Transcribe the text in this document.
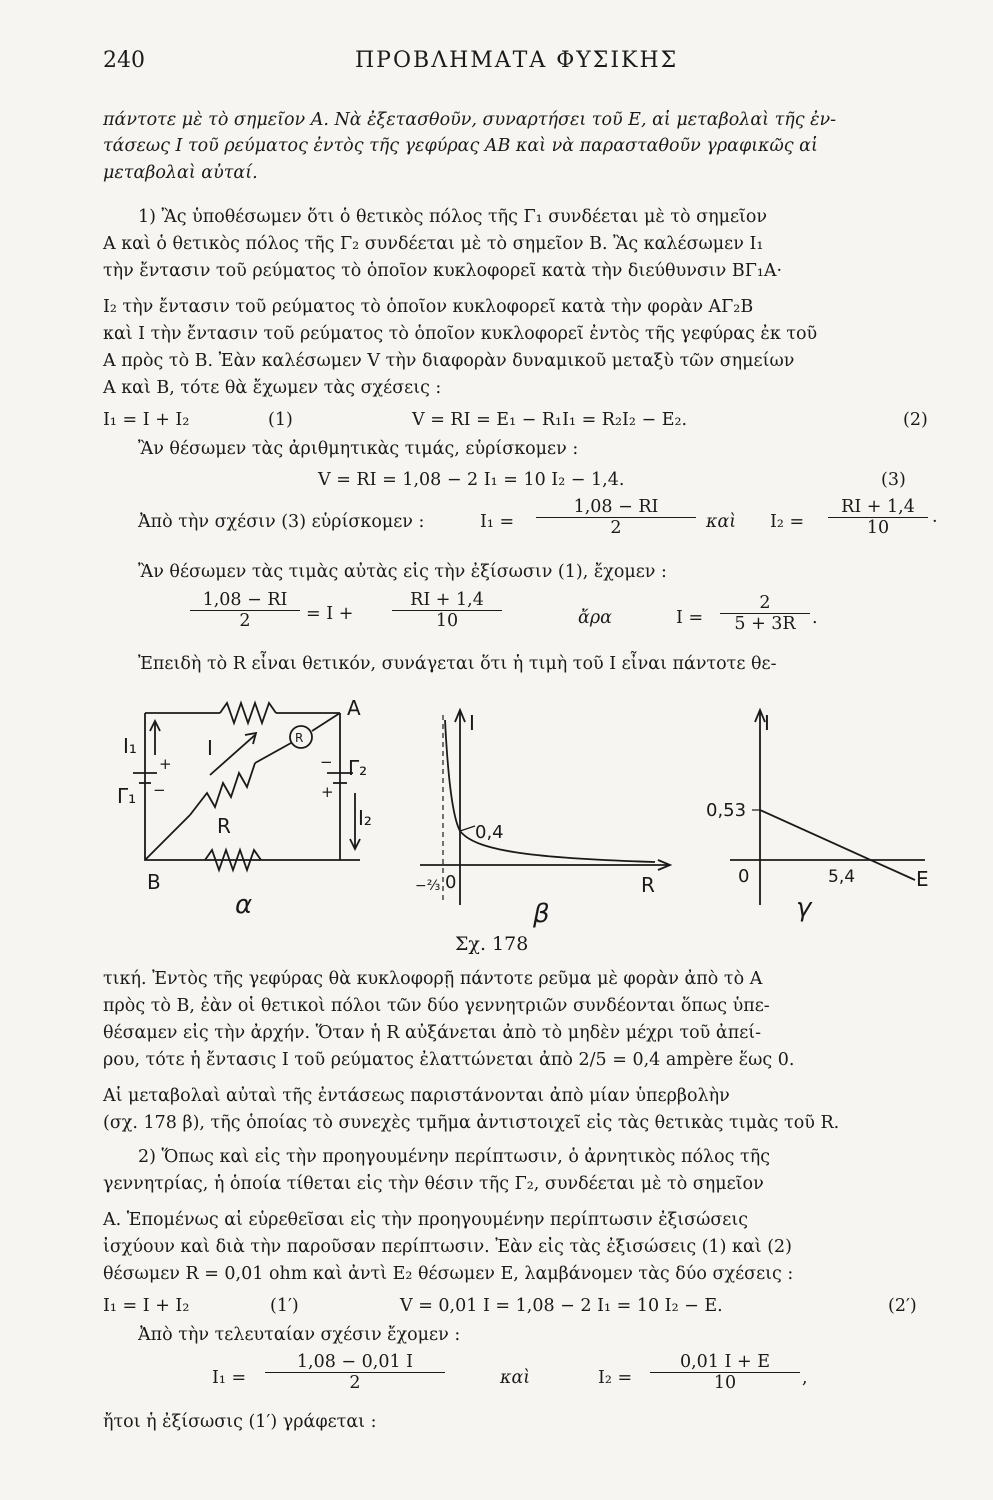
240	ΠΡΟΒΛΗΜΑΤΑ ΦΥΣΙΚΗΣ
πάντοτε μὲ τὸ σημεῖον Α. Νὰ ἐξετασθοῦν, συναρτήσει τοῦ Ε, αἱ μεταβολαὶ τῆς ἐν-
τάσεως Ι τοῦ ρεύματος ἐντὸς τῆς γεφύρας ΑΒ καὶ νὰ παρασταθοῦν γραφικῶς αἱ
μεταβολαὶ αὐταί.
1) Ἂς ὑποθέσωμεν ὅτι ὁ θετικὸς πόλος τῆς Γ₁ συνδέεται μὲ τὸ σημεῖον
Α καὶ ὁ θετικὸς πόλος τῆς Γ₂ συνδέεται μὲ τὸ σημεῖον Β. Ἂς καλέσωμεν Ι₁
τὴν ἔντασιν τοῦ ρεύματος τὸ ὁποῖον κυκλοφορεῖ κατὰ τὴν διεύθυνσιν ΒΓ₁Α·
Ι₂ τὴν ἔντασιν τοῦ ρεύματος τὸ ὁποῖον κυκλοφορεῖ κατὰ τὴν φορὰν ΑΓ₂Β
καὶ Ι τὴν ἔντασιν τοῦ ρεύματος τὸ ὁποῖον κυκλοφορεῖ ἐντὸς τῆς γεφύρας ἐκ τοῦ
Α πρὸς τὸ Β. Ἐὰν καλέσωμεν V τὴν διαφορὰν δυναμικοῦ μεταξὺ τῶν σημείων
Α καὶ Β, τότε θὰ ἔχωμεν τὰς σχέσεις :
Ι₁ = Ι + Ι₂	(1)	V = RI = E₁ − R₁I₁ = R₂I₂ − E₂.	(2)
Ἂν θέσωμεν τὰς ἀριθμητικὰς τιμάς, εὑρίσκομεν :
V = RI = 1,08 − 2 I₁ = 10 I₂ − 1,4.	(3)
Ἀπὸ τὴν σχέσιν (3) εὑρίσκομεν :	$I_1 = \frac{1,08 - RI}{2}$ καὶ $I_2 = \frac{RI + 1,4}{10}$ ·
Ἂν θέσωμεν τὰς τιμὰς αὐτὰς εἰς τὴν ἐξίσωσιν (1), ἔχομεν :
$\frac{1,08 - RI}{2} = I + \frac{RI + 1,4}{10}$	ἄρα	$I = \frac{2}{5 + 3R}$ .
Ἐπειδὴ τὸ R εἶναι θετικόν, συνάγεται ὅτι ἡ τιμὴ τοῦ I εἶναι πάντοτε θε-
I₁	I
Γ₁
Γ₂
I₂
R
A
B
R
+
+
−
−
α
I
R
0,4
0
−⅔
β
I
E
0,53
5,4
0
γ
Σχ. 178
τική. Ἐντὸς τῆς γεφύρας θὰ κυκλοφορῇ πάντοτε ρεῦμα μὲ φορὰν ἀπὸ τὸ Α
πρὸς τὸ Β, ἐὰν οἱ θετικοὶ πόλοι τῶν δύο γεννητριῶν συνδέονται ὅπως ὑπε-
θέσαμεν εἰς τὴν ἀρχήν. Ὅταν ἡ R αὐξάνεται ἀπὸ τὸ μηδὲν μέχρι τοῦ ἀπεί-
ρου, τότε ἡ ἔντασις I τοῦ ρεύματος ἐλαττώνεται ἀπὸ 2/5 = 0,4 ampère ἕως 0.
Αἱ μεταβολαὶ αὐταὶ τῆς ἐντάσεως παριστάνονται ἀπὸ μίαν ὑπερβολὴν
(σχ. 178 β), τῆς ὁποίας τὸ συνεχὲς τμῆμα ἀντιστοιχεῖ εἰς τὰς θετικὰς τιμὰς τοῦ R.
2) Ὅπως καὶ εἰς τὴν προηγουμένην περίπτωσιν, ὁ ἀρνητικὸς πόλος τῆς
γεννητρίας, ἡ ὁποία τίθεται εἰς τὴν θέσιν τῆς Γ₂, συνδέεται μὲ τὸ σημεῖον
Α. Ἑπομένως αἱ εὑρεθεῖσαι εἰς τὴν προηγουμένην περίπτωσιν ἐξισώσεις
ἰσχύουν καὶ διὰ τὴν παροῦσαν περίπτωσιν. Ἐὰν εἰς τὰς ἐξισώσεις (1) καὶ (2)
θέσωμεν R = 0,01 ohm καὶ ἀντὶ E₂ θέσωμεν E, λαμβάνομεν τὰς δύο σχέσεις :
I₁ = I + I₂	(1′)	V = 0,01 I = 1,08 − 2 I₁ = 10 I₂ − E.	(2′)
Ἀπὸ τὴν τελευταίαν σχέσιν ἔχομεν :
$I_1 = \frac{1,08 - 0,01 I}{2}$	καὶ	$I_2 = \frac{0,01 I + E}{10}$ ,
ἤτοι ἡ ἐξίσωσις (1′) γράφεται :
